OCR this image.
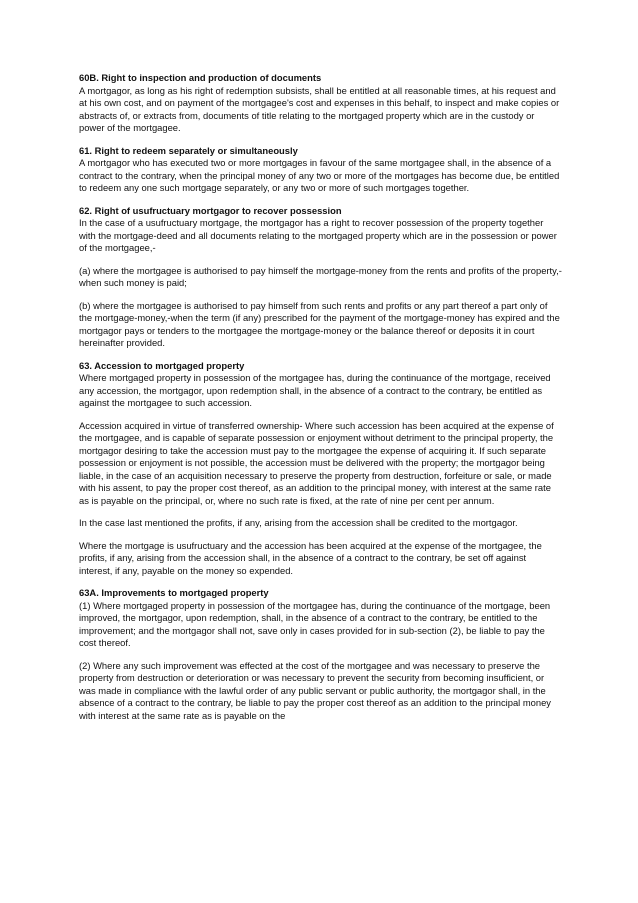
60B. Right to inspection and production of documents

A mortgagor, as long as his right of redemption subsists, shall be entitled at all reasonable times, at his request and at his own cost, and on payment of the mortgagee's cost and expenses in this behalf, to inspect and make copies or abstracts of, or extracts from, documents of title relating to the mortgaged property which are in the custody or power of the mortgagee.

61. Right to redeem separately or simultaneously

A mortgagor who has executed two or more mortgages in favour of the same mortgagee shall, in the absence of a contract to the contrary, when the principal money of any two or more of the mortgages has become due, be entitled to redeem any one such mortgage separately, or any two or more of such mortgages together.

62. Right of usufructuary mortgagor to recover possession

In the case of a usufructuary mortgage, the mortgagor has a right to recover possession of the property together with the mortgage-deed and all documents relating to the mortgaged property which are in the possession or power of the mortgagee,-

(a) where the mortgagee is authorised to pay himself the mortgage-money from the rents and profits of the property,-when such money is paid;

(b) where the mortgagee is authorised to pay himself from such rents and profits or any part thereof a part only of the mortgage-money,-when the term (if any) prescribed for the payment of the mortgage-money has expired and the mortgagor pays or tenders to the mortgagee the mortgage-money or the balance thereof or deposits it in court hereinafter provided.

63. Accession to mortgaged property

Where mortgaged property in possession of the mortgagee has, during the continuance of the mortgage, received any accession, the mortgagor, upon redemption shall, in the absence of a contract to the contrary, be entitled as against the mortgagee to such accession.

Accession acquired in virtue of transferred ownership- Where such accession has been acquired at the expense of the mortgagee, and is capable of separate possession or enjoyment without detriment to the principal property, the mortgagor desiring to take the accession must pay to the mortgagee the expense of acquiring it. If such separate possession or enjoyment is not possible, the accession must be delivered with the property; the mortgagor being liable, in the case of an acquisition necessary to preserve the property from destruction, forfeiture or sale, or made with his assent, to pay the proper cost thereof, as an addition to the principal money, with interest at the same rate as is payable on the principal, or, where no such rate is fixed, at the rate of nine per cent per annum.

In the case last mentioned the profits, if any, arising from the accession shall be credited to the mortgagor.

Where the mortgage is usufructuary and the accession has been acquired at the expense of the mortgagee, the profits, if any, arising from the accession shall, in the absence of a contract to the contrary, be set off against interest, if any, payable on the money so expended.

63A. Improvements to mortgaged property

(1) Where mortgaged property in possession of the mortgagee has, during the continuance of the mortgage, been improved, the mortgagor, upon redemption, shall, in the absence of a contract to the contrary, be entitled to the improvement; and the mortgagor shall not, save only in cases provided for in sub-section (2), be liable to pay the cost thereof.

(2) Where any such improvement was effected at the cost of the mortgagee and was necessary to preserve the property from destruction or deterioration or was necessary to prevent the security from becoming insufficient, or was made in compliance with the lawful order of any public servant or public authority, the mortgagor shall, in the absence of a contract to the contrary, be liable to pay the proper cost thereof as an addition to the principal money with interest at the same rate as is payable on the
